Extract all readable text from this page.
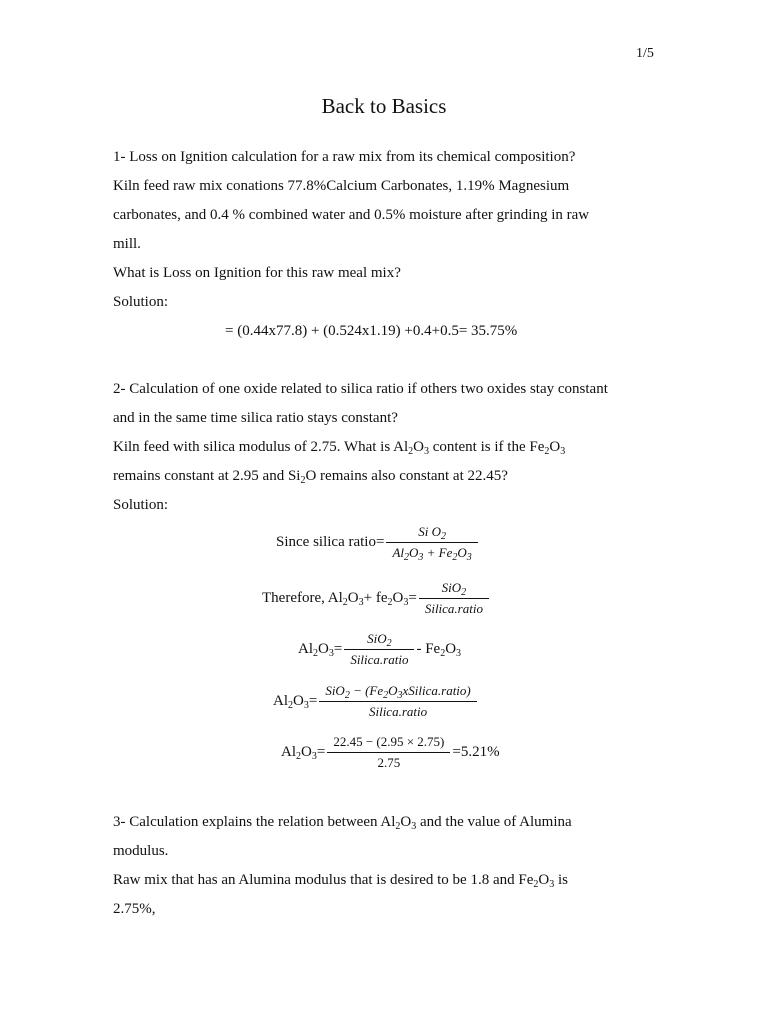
1/5
Back to Basics
1- Loss on Ignition calculation for a raw mix from its chemical composition?
Kiln feed raw mix conations 77.8%Calcium Carbonates, 1.19% Magnesium
carbonates, and 0.4 % combined water and 0.5% moisture after grinding in raw
mill.
What is Loss on Ignition for this raw meal mix?
Solution:
= (0.44x77.8) + (0.524x1.19) +0.4+0.5= 35.75%
2- Calculation of one oxide related to silica ratio if others two oxides stay constant
and in the same time silica ratio stays constant?
Kiln feed with silica modulus of 2.75. What is $Al_2O_3$ content is if the $Fe_2O_3$
remains constant at 2.95 and $Si_2O$ remains also constant at 22.45?
Solution:
Since silica ratio= $\frac{Si O_2}{Al_2O_3 + Fe_2O_3}$
Therefore, $Al_2O_3+ fe_2O_3= \frac{SiO_2}{\text{Silica.ratio}}$
$Al_2O_3= \frac{SiO_2}{\text{Silica.ratio}} - Fe_2O_3$
$Al_2O_3= \frac{SiO_2 - (Fe_2O_3xSilica.ratio)}{\text{Silica.ratio}}$
$Al_2O_3= \frac{22.45 - (2.95 \times 2.75)}{2.75} =5.21\%$
3- Calculation explains the relation between $Al_2O_3$ and the value of Alumina
modulus.
Raw mix that has an Alumina modulus that is desired to be 1.8 and $Fe_2O_3$ is
2.75%,
